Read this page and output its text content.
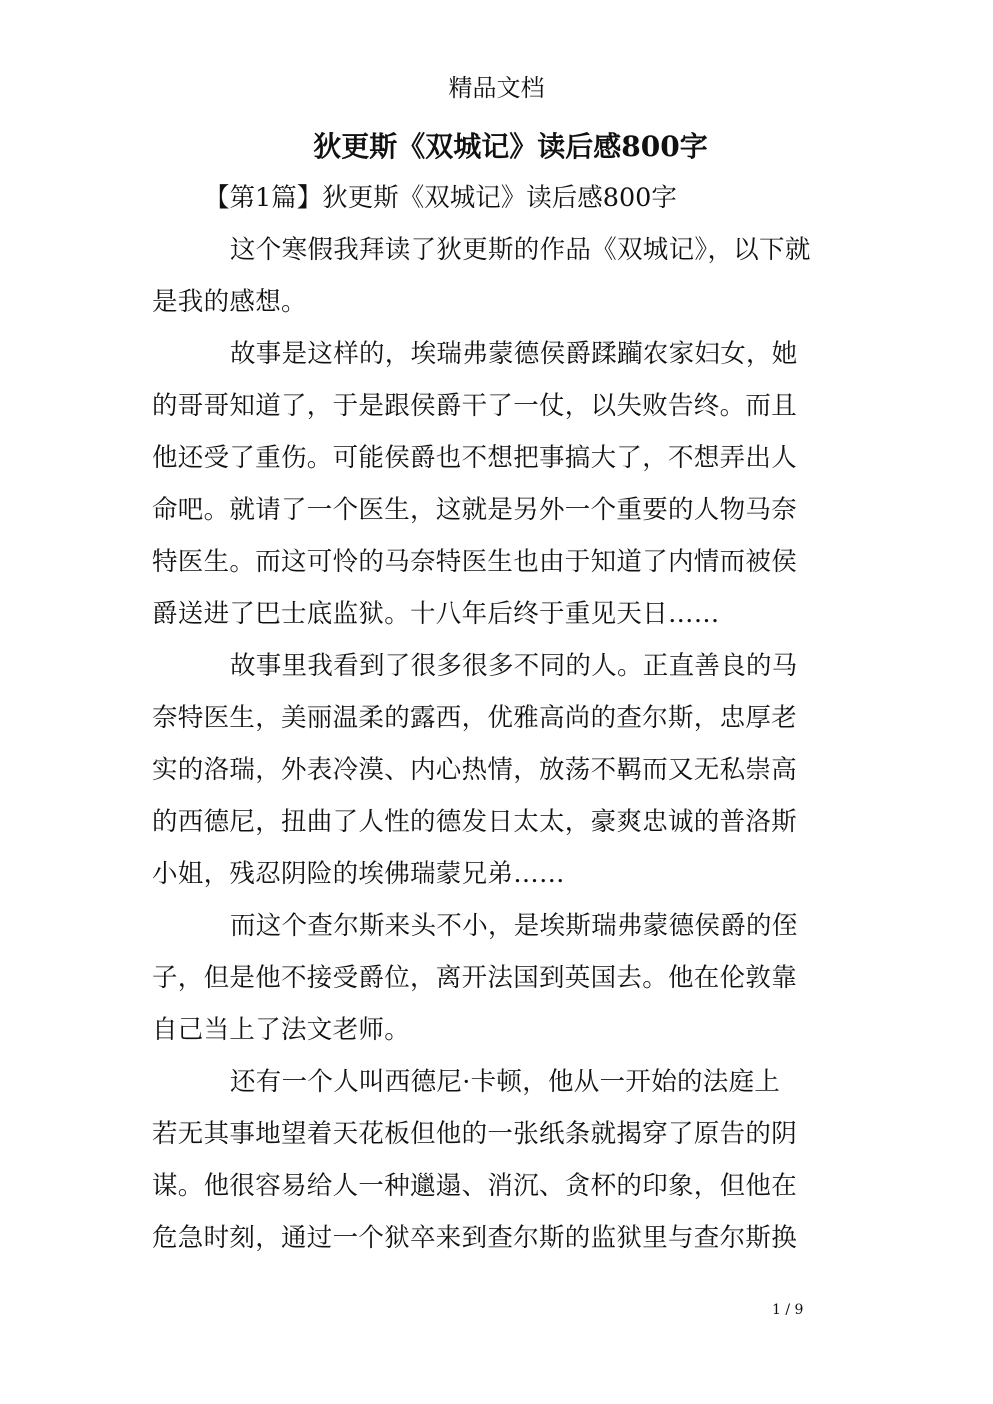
精品文档
狄更斯《双城记》读后感800字
【第1篇】狄更斯《双城记》读后感800字
这个寒假我拜读了狄更斯的作品《双城记》，以下就
是我的感想。
故事是这样的，埃瑞弗蒙德侯爵蹂躏农家妇女，她
的哥哥知道了，于是跟侯爵干了一仗，以失败告终。而且
他还受了重伤。可能侯爵也不想把事搞大了，不想弄出人
命吧。就请了一个医生，这就是另外一个重要的人物马奈
特医生。而这可怜的马奈特医生也由于知道了内情而被侯
爵送进了巴士底监狱。十八年后终于重见天日……
故事里我看到了很多很多不同的人。正直善良的马
奈特医生，美丽温柔的露西，优雅高尚的查尔斯，忠厚老
实的洛瑞，外表冷漠、内心热情，放荡不羁而又无私崇高
的西德尼，扭曲了人性的德发日太太，豪爽忠诚的普洛斯
小姐，残忍阴险的埃佛瑞蒙兄弟……
而这个查尔斯来头不小，是埃斯瑞弗蒙德侯爵的侄
子，但是他不接受爵位，离开法国到英国去。他在伦敦靠
自己当上了法文老师。
还有一个人叫西德尼·卡顿，他从一开始的法庭上
若无其事地望着天花板但他的一张纸条就揭穿了原告的阴
谋。他很容易给人一种邋遢、消沉、贪杯的印象，但他在
危急时刻，通过一个狱卒来到查尔斯的监狱里与查尔斯换
1 / 9
